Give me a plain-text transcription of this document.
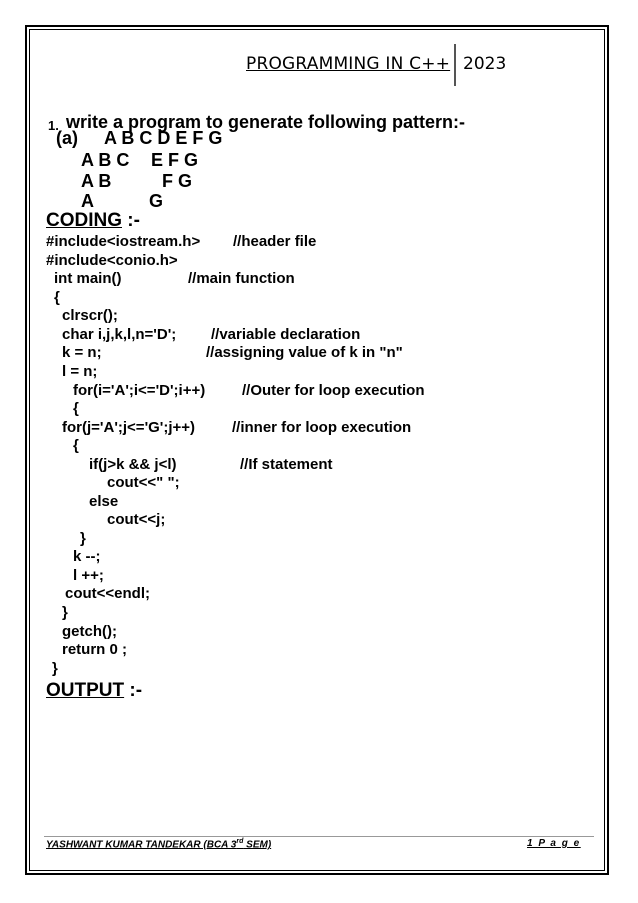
PROGRAMMING IN C++ 2023
1. write a program to generate following pattern:-
(a) A B C D E F G
A B C E F G
A B	F G
A	G
CODING :-
#include<iostream.h> //header file
#include<conio.h>
int main()	//main function
{
clrscr();
char i,j,k,l,n='D'; //variable declaration
k = n;	//assigning value of k in "n"
l = n;
for(i='A';i<='D';i++) //Outer for loop execution
{
for(j='A';j<='G';j++) //inner for loop execution
{
if(j>k && j<l)	//If statement
cout<<" ";
else
cout<<j;
}
k --;
l ++;
cout<<endl;
}
getch();
return 0 ;
}
OUTPUT :-
YASHWANT KUMAR TANDEKAR (BCA 3rd SEM)	1 P a g e
